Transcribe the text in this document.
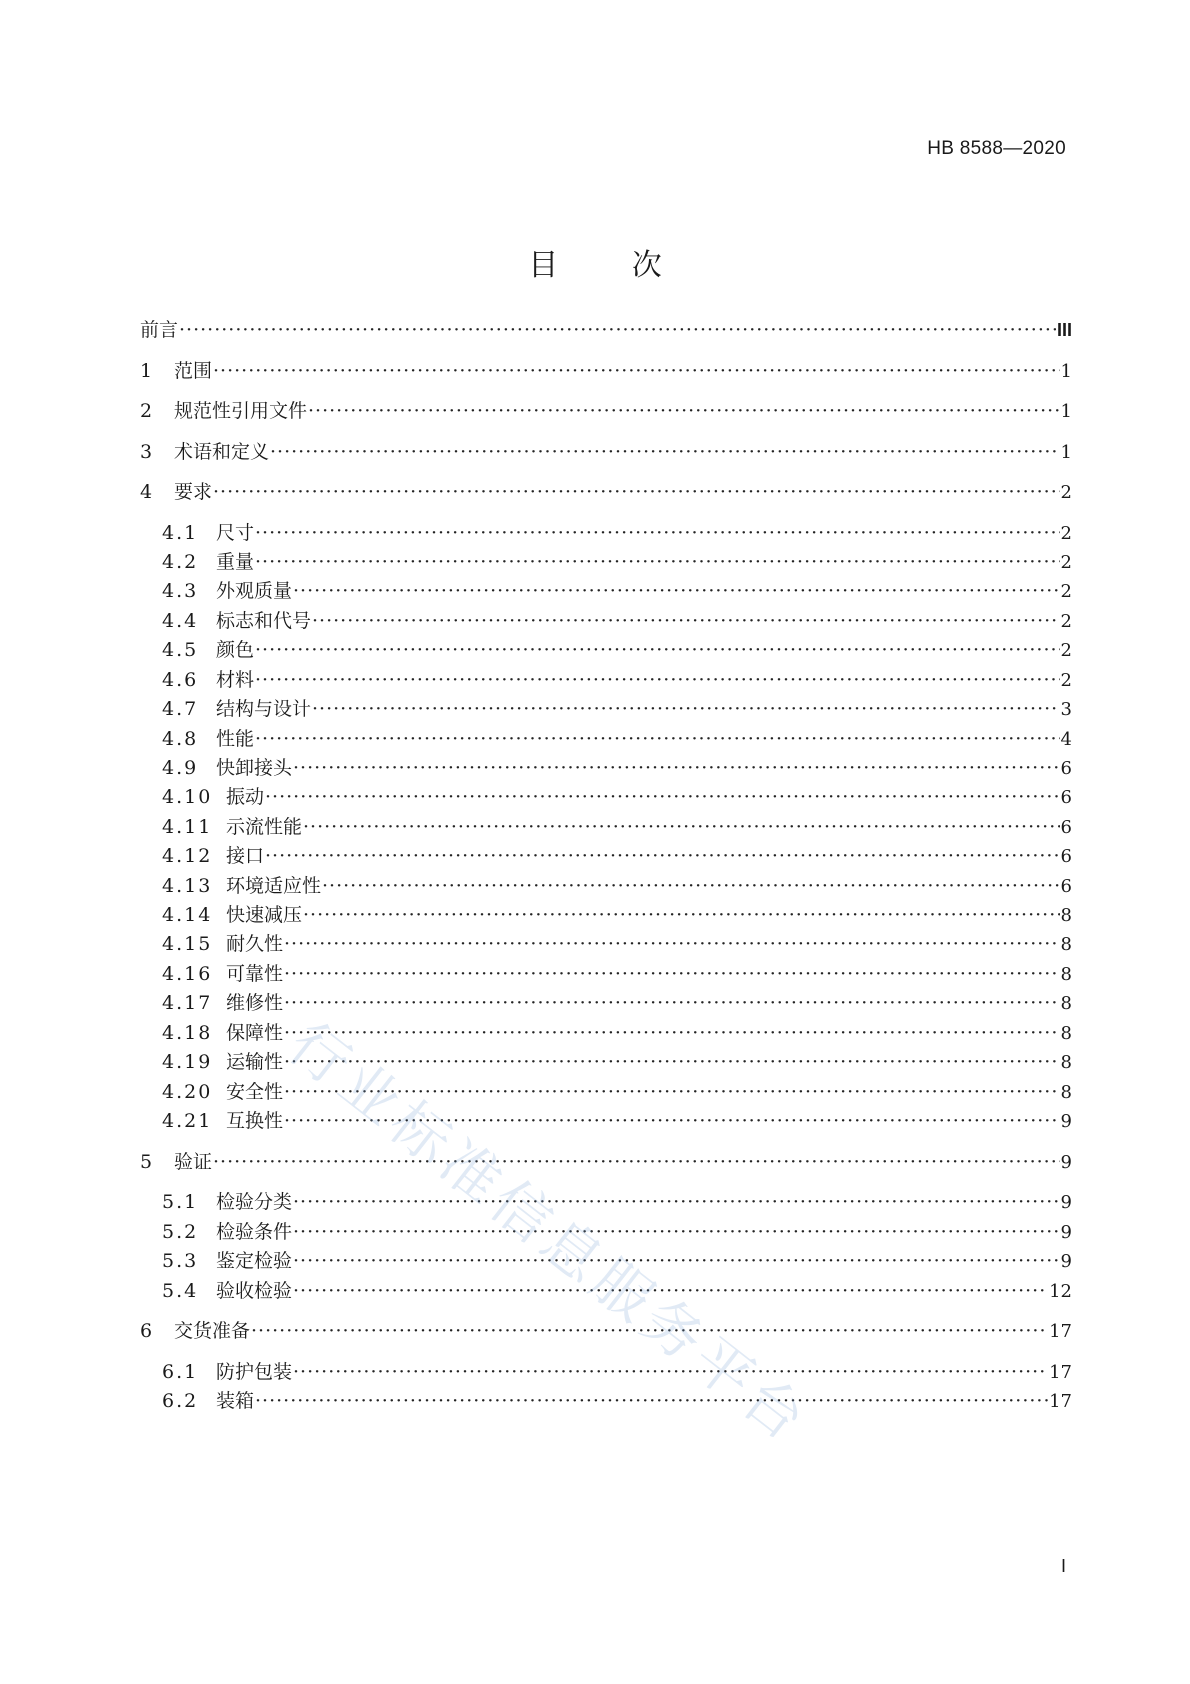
HB 8588—2020
目 次
前言 ·····	III
1	范围 ·····	1
2	规范性引用文件 ·····	1
3	术语和定义 ·····	1
4	要求 ·····	2
4.1 尺寸 ·····	2
4.2 重量 ·····	2
4.3 外观质量 ·····	2
4.4 标志和代号 ·····	2
4.5 颜色 ·····	2
4.6 材料 ·····	2
4.7 结构与设计 ·····	3
4.8 性能 ·····	4
4.9 快卸接头 ·····	6
4.10 振动 ·····	6
4.11 示流性能 ·····	6
4.12 接口 ·····	6
4.13 环境适应性 ·····	6
4.14 快速减压 ·····	8
4.15 耐久性 ·····	8
4.16 可靠性 ·····	8
4.17 维修性 ·····	8
4.18 保障性 ·····	8
4.19 运输性 ·····	8
4.20 安全性 ·····	8
4.21 互换性 ·····	9
5	验证 ·····	9
5.1 检验分类 ·····	9
5.2 检验条件 ·····	9
5.3 鉴定检验 ·····	9
5.4 验收检验 ·····	12
6	交货准备 ·····	17
6.1 防护包装 ·····	17
6.2 装箱 ·····	17
行业标准信息服务平台
I
